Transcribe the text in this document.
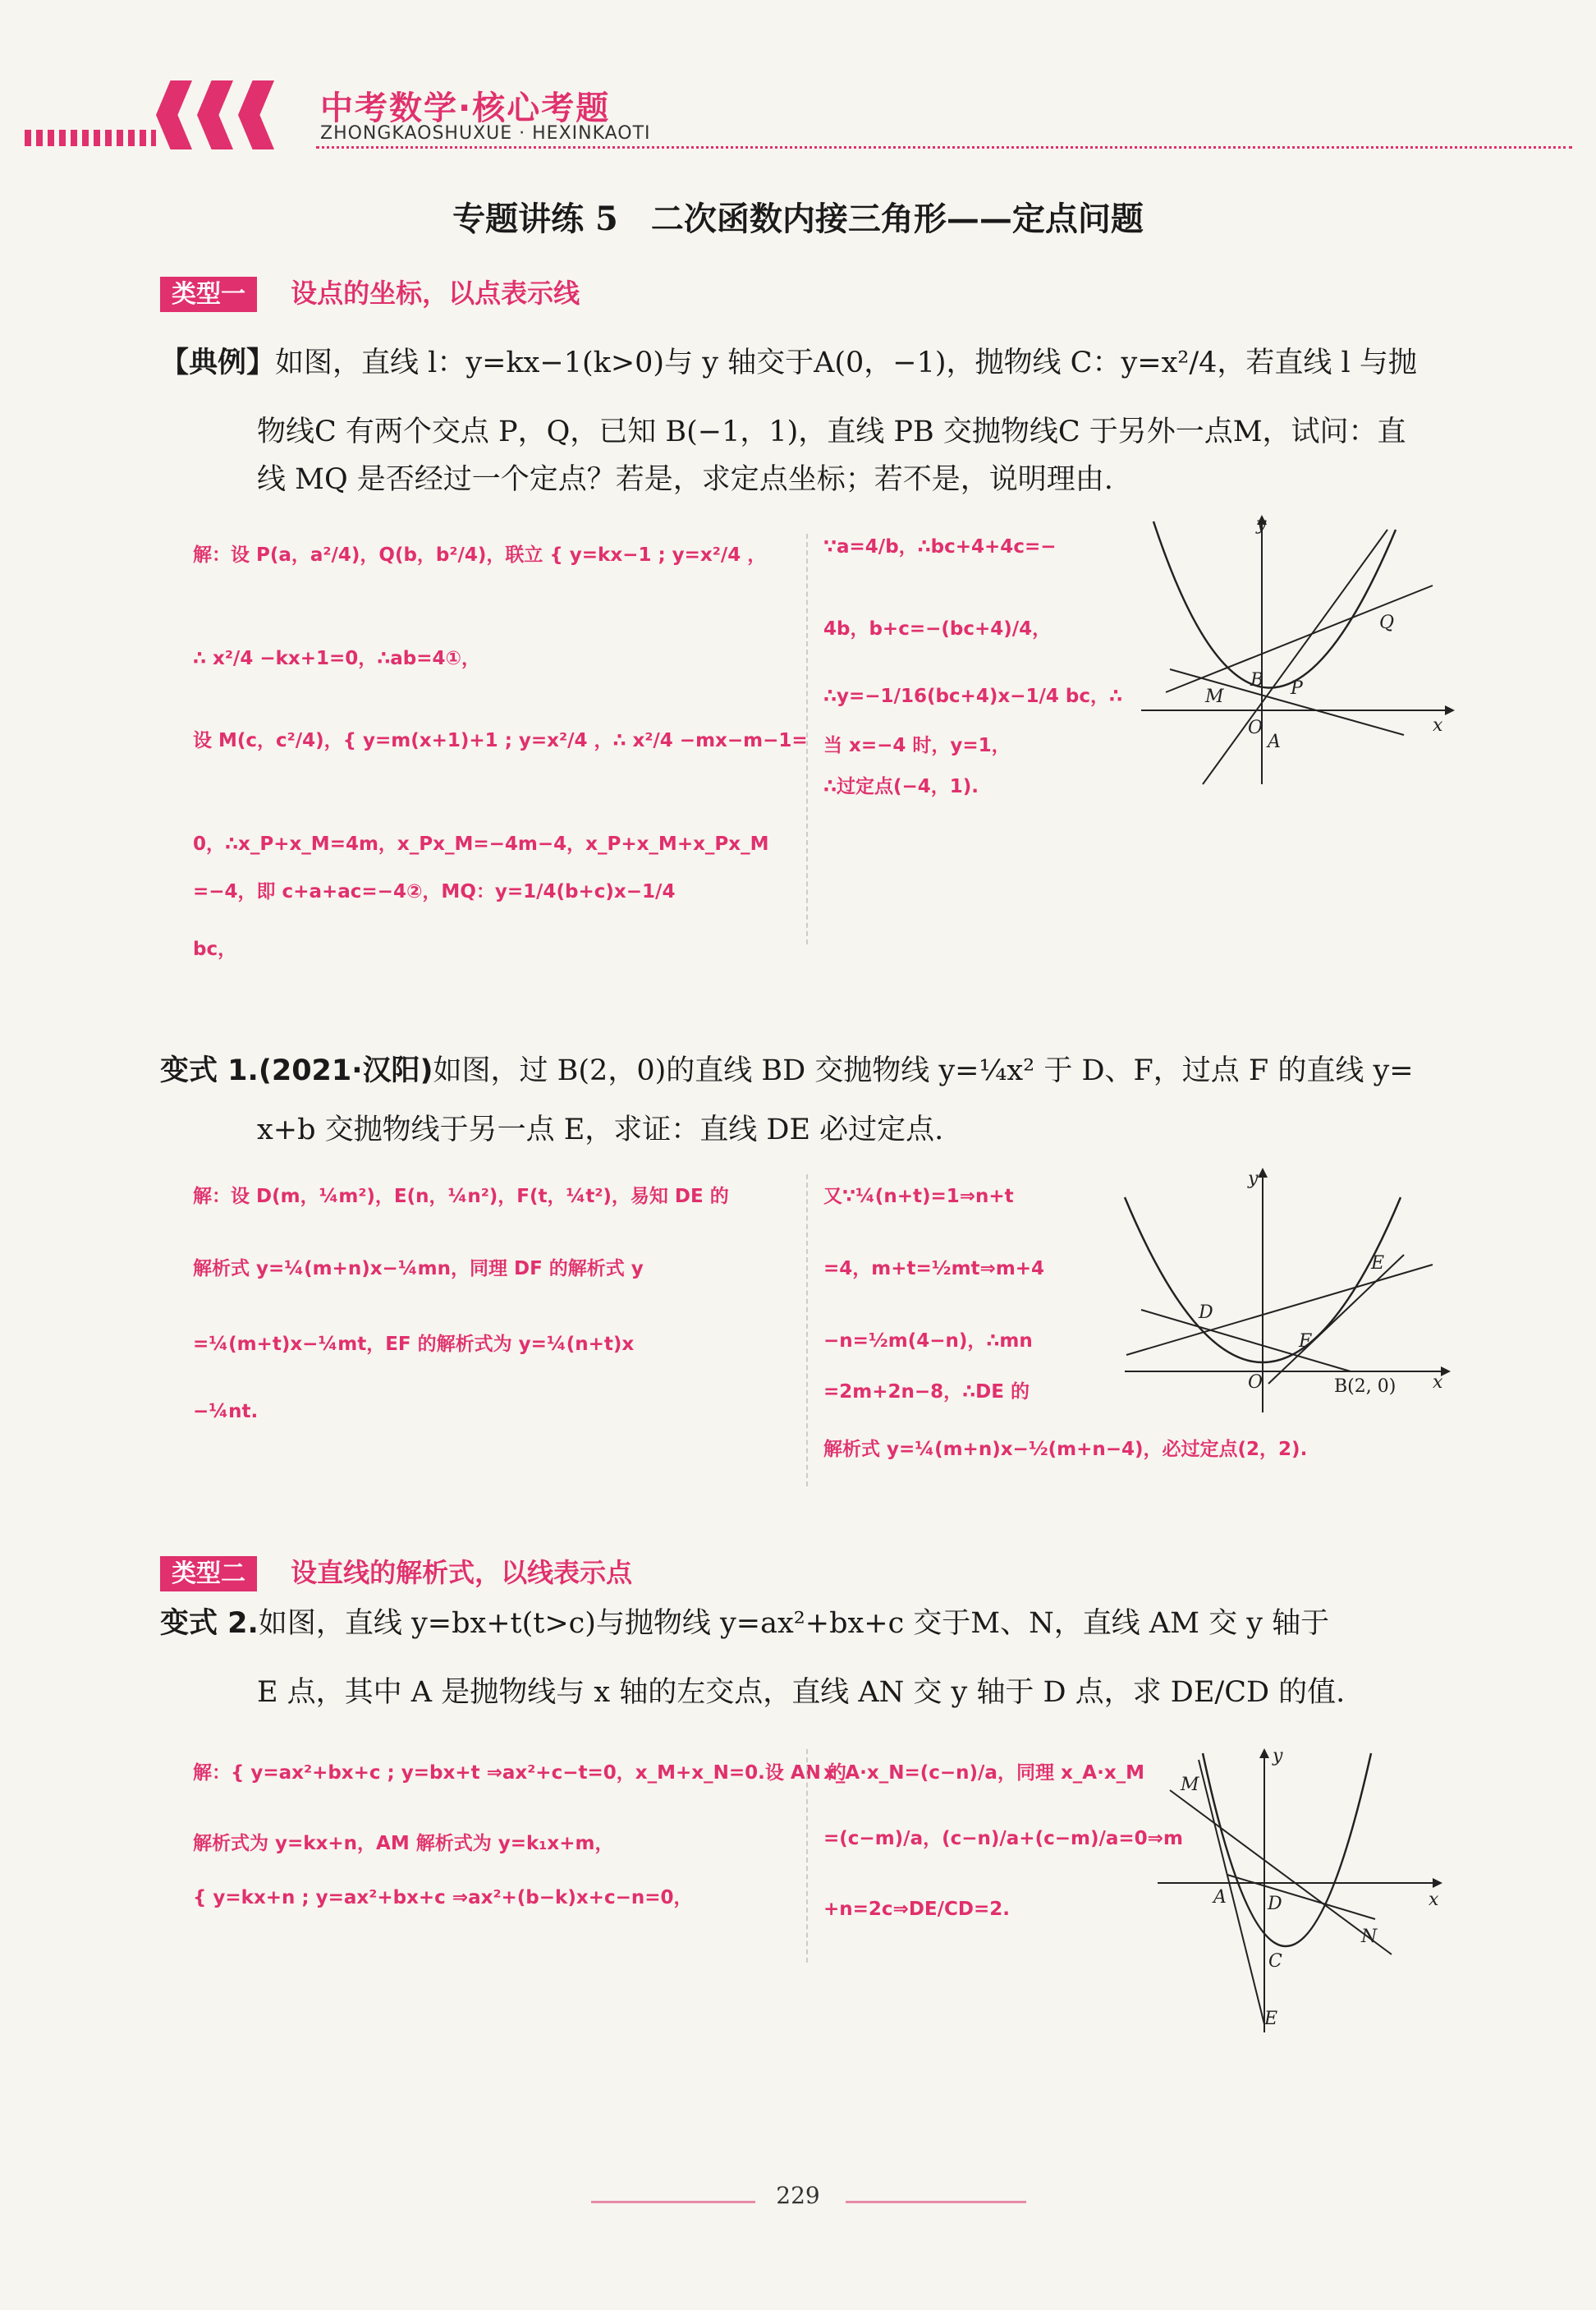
中考数学·核心考题
ZHONGKAOSHUXUE · HEXINKAOTI
专题讲练 5　二次函数内接三角形——定点问题
类型一 设点的坐标，以点表示线
【典例】如图，直线 l：y=kx−1(k>0)与 y 轴交于A(0，−1)，抛物线 C：y=x²/4，若直线 l 与抛
物线C 有两个交点 P，Q，已知 B(−1，1)，直线 PB 交抛物线C 于另外一点M，试问：直
线 MQ 是否经过一个定点？若是，求定点坐标；若不是，说明理由.
解：设 P(a，a²/4)，Q(b，b²/4)，联立 { y=kx−1 ; y=x²/4 ，
∴ x²/4 −kx+1=0，∴ab=4①，
设 M(c，c²/4)，{ y=m(x+1)+1 ; y=x²/4 ，∴ x²/4 −mx−m−1=
0，∴x_P+x_M=4m，x_Px_M=−4m−4，x_P+x_M+x_Px_M
=−4，即 c+a+ac=−4②，MQ：y=1/4(b+c)x−1/4
bc，
∵a=4/b，∴bc+4+4c=−
4b，b+c=−(bc+4)/4，
∴y=−1/16(bc+4)x−1/4 bc，∴
当 x=−4 时，y=1，
∴过定点(−4，1).
y
x
O
A
B P
M
Q
变式 1.(2021·汉阳)如图，过 B(2，0)的直线 BD 交抛物线 y=¼x² 于 D、F，过点 F 的直线 y=
x+b 交抛物线于另一点 E，求证：直线 DE 必过定点.
解：设 D(m，¼m²)，E(n，¼n²)，F(t，¼t²)，易知 DE 的
解析式 y=¼(m+n)x−¼mn，同理 DF 的解析式 y
=¼(m+t)x−¼mt，EF 的解析式为 y=¼(n+t)x
−¼nt.
又∵¼(n+t)=1⇒n+t
=4，m+t=½mt⇒m+4
−n=½m(4−n)，∴mn
=2m+2n−8，∴DE 的
解析式 y=¼(m+n)x−½(m+n−4)，必过定点(2，2).
y
x
O
D
E
F
B(2, 0)
类型二 设直线的解析式，以线表示点
变式 2.如图，直线 y=bx+t(t>c)与抛物线 y=ax²+bx+c 交于M、N，直线 AM 交 y 轴于
E 点，其中 A 是抛物线与 x 轴的左交点，直线 AN 交 y 轴于 D 点，求 DE/CD 的值.
解：{ y=ax²+bx+c ; y=bx+t ⇒ax²+c−t=0，x_M+x_N=0.设 AN 的
解析式为 y=kx+n，AM 解析式为 y=k₁x+m，
{ y=kx+n ; y=ax²+bx+c ⇒ax²+(b−k)x+c−n=0，
x_A·x_N=(c−n)/a，同理 x_A·x_M
=(c−m)/a，(c−n)/a+(c−m)/a=0⇒m
+n=2c⇒DE/CD=2.
y
x
M
A D
N
C
E
229
